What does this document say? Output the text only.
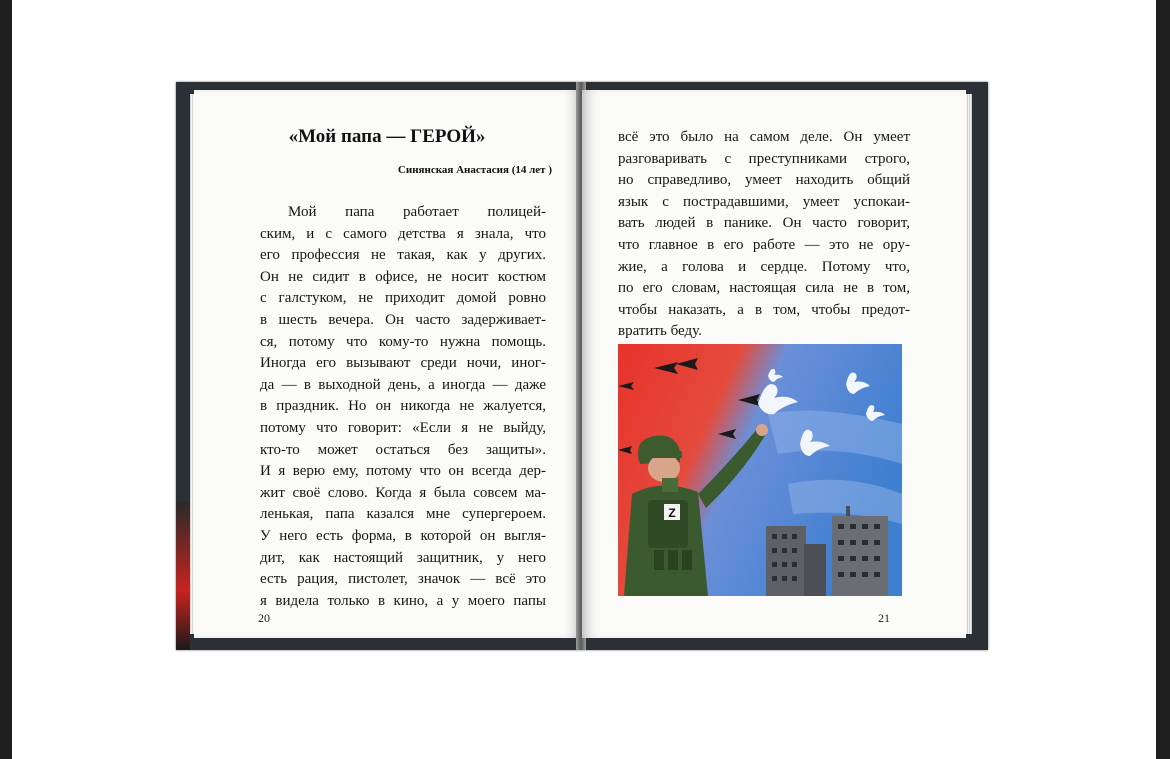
«Мой папа — ГЕРОЙ»
Синянская Анастасия (14 лет )
Мой папа работает полицей-
ским, и с самого детства я знала, что
его профессия не такая, как у других.
Он не сидит в офисе, не носит костюм
с галстуком, не приходит домой ровно
в шесть вечера. Он часто задерживает-
ся, потому что кому-то нужна помощь.
Иногда его вызывают среди ночи, иног-
да — в выходной день, а иногда — даже
в праздник. Но он никогда не жалуется,
потому что говорит: «Если я не выйду,
кто-то может остаться без защиты».
И я верю ему, потому что он всегда дер-
жит своё слово. Когда я была совсем ма-
ленькая, папа казался мне супергероем.
У него есть форма, в которой он выгля-
дит, как настоящий защитник, у него
есть рация, пистолет, значок — всё это
я видела только в кино, а у моего папы
20
всё это было на самом деле. Он умеет
разговаривать с преступниками строго,
но справедливо, умеет находить общий
язык с пострадавшими, умеет успокаи-
вать людей в панике. Он часто говорит,
что главное в его работе — это не ору-
жие, а голова и сердце. Потому что,
по его словам, настоящая сила не в том,
чтобы наказать, а в том, чтобы предот-
вратить беду.
Z
21
